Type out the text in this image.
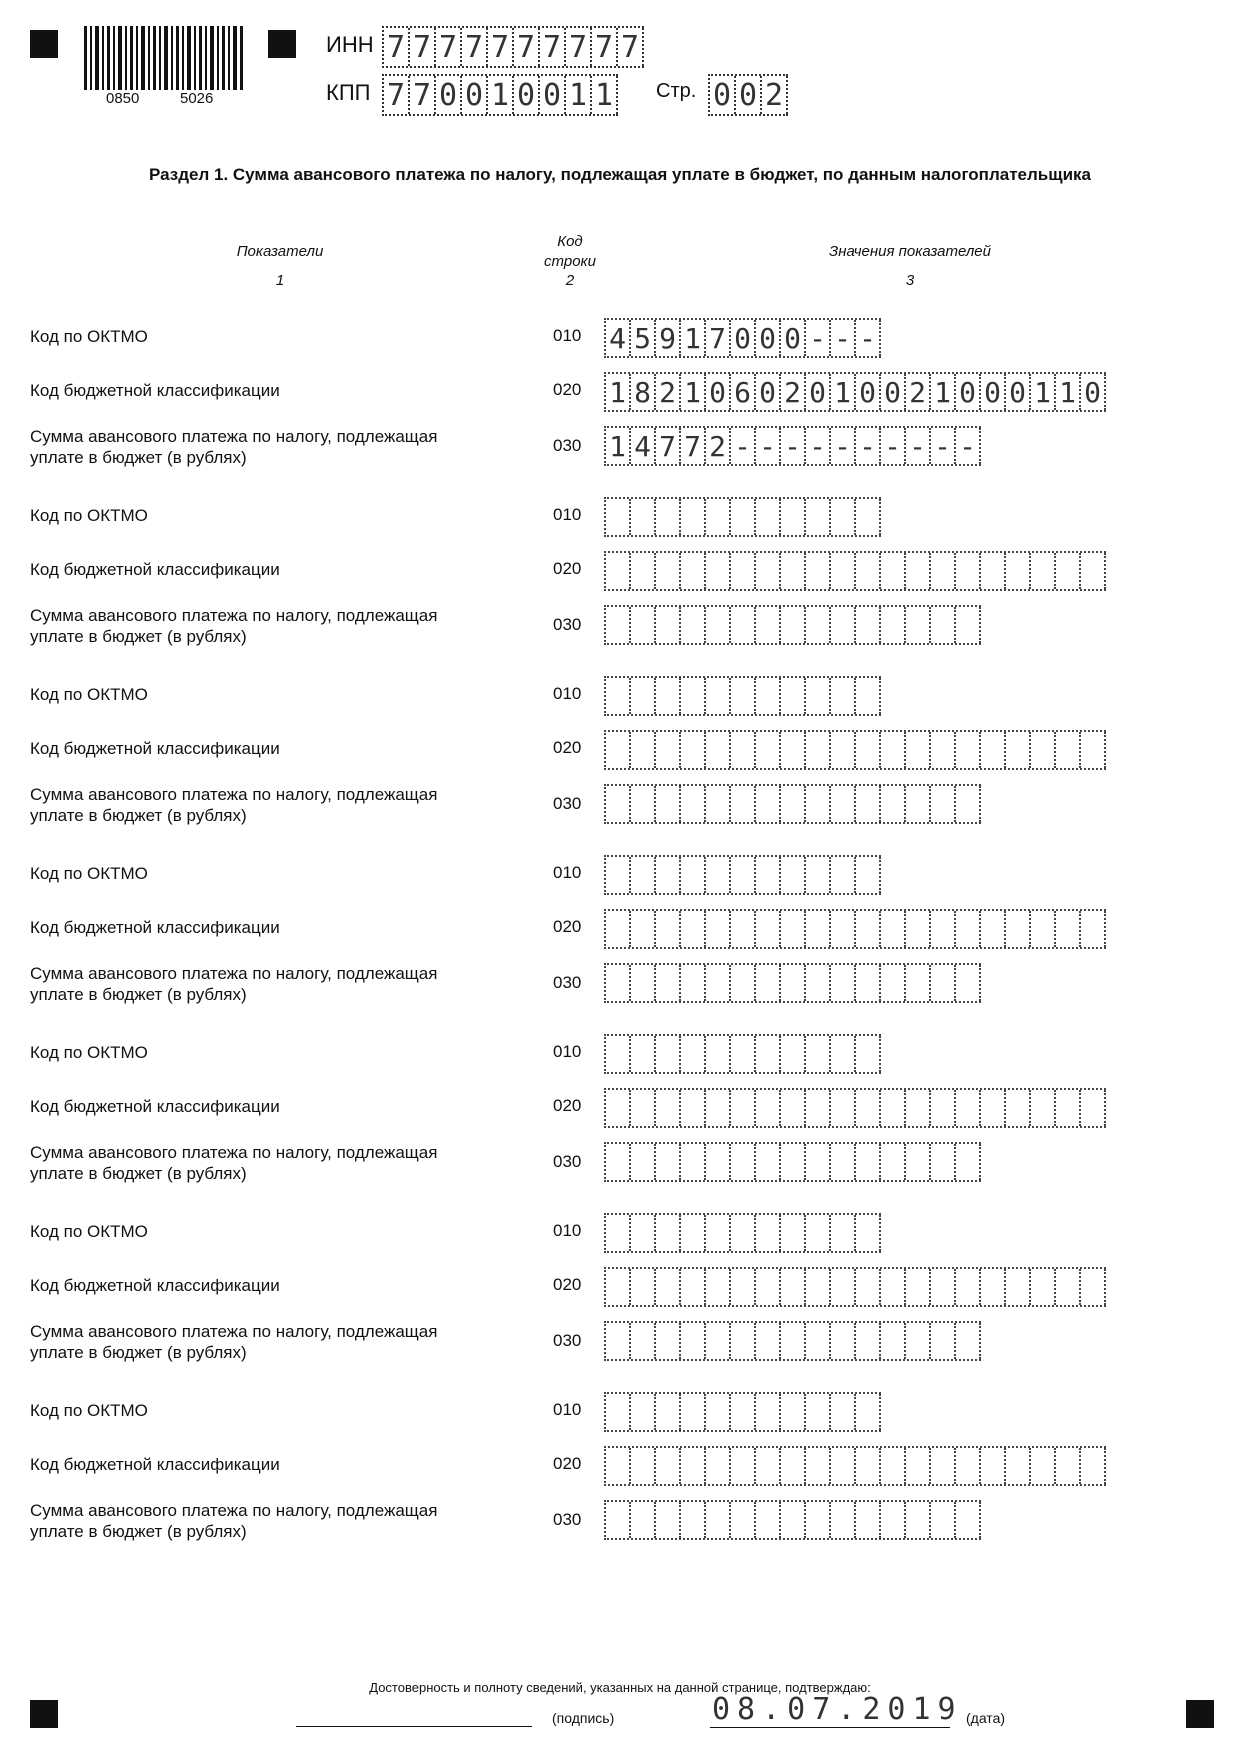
0850	5026
ИНН 7 7 7 7 7 7 7 7 7 7
КПП 7 7 0 0 1 0 0 1 1 Стр. 0 0 2
Раздел 1. Сумма авансового платежа по налогу, подлежащая уплате в бюджет, по данным налогоплательщика
Показатели
1
Код
строки
2
Значения показателей
3
Код по ОКТМО	010 4 5 9 1 7 0 0 0 - - -
Код бюджетной классификации	020 1 8 2 1 0 6 0 2 0 1 0 0 2 1 0 0 0 1 1 0
Сумма авансового платежа по налогу, подлежащая
уплате в бюджет (в рублях)
030 1 4 7 7 2 - - - - - - - - - -
Код по ОКТМО	010
Код бюджетной классификации	020
Сумма авансового платежа по налогу, подлежащая
уплате в бюджет (в рублях)
030
Код по ОКТМО	010
Код бюджетной классификации	020
Сумма авансового платежа по налогу, подлежащая
уплате в бюджет (в рублях)
030
Код по ОКТМО	010
Код бюджетной классификации	020
Сумма авансового платежа по налогу, подлежащая
уплате в бюджет (в рублях)
030
Код по ОКТМО	010
Код бюджетной классификации	020
Сумма авансового платежа по налогу, подлежащая
уплате в бюджет (в рублях)
030
Код по ОКТМО	010
Код бюджетной классификации	020
Сумма авансового платежа по налогу, подлежащая
уплате в бюджет (в рублях)
030
Код по ОКТМО	010
Код бюджетной классификации	020
Сумма авансового платежа по налогу, подлежащая
уплате в бюджет (в рублях)
030
Достоверность и полноту сведений, указанных на данной странице, подтверждаю:
(подпись)	08.07.2019 (дата)
